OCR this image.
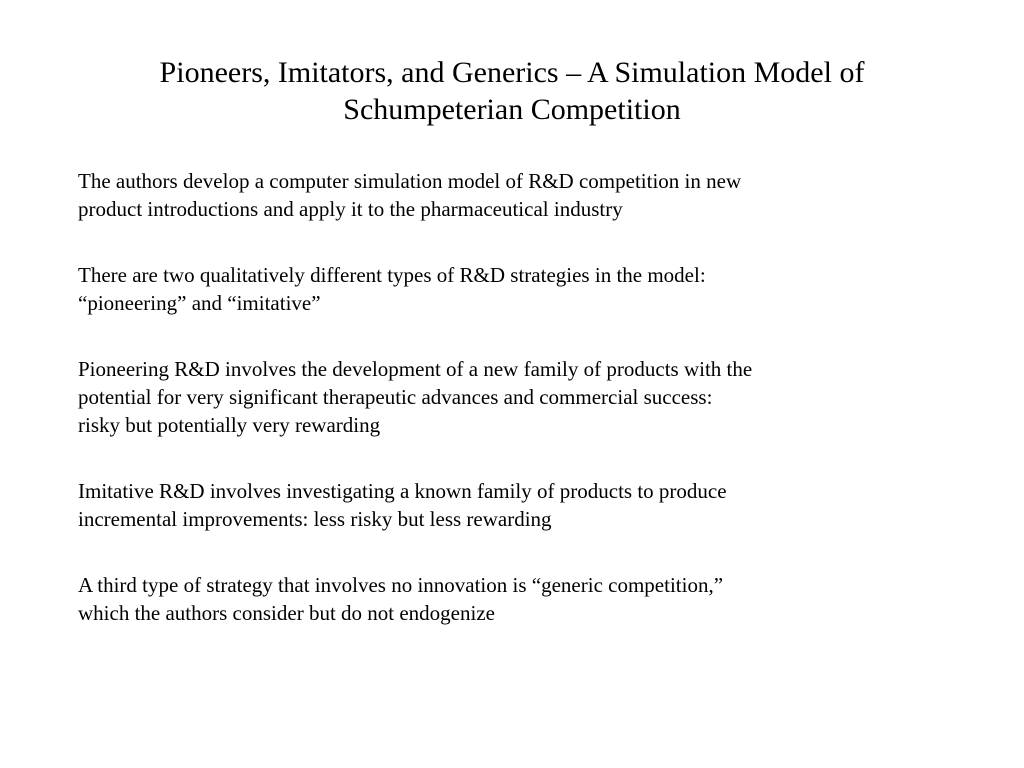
Pioneers, Imitators, and Generics – A Simulation Model of
Schumpeterian Competition
The authors develop a computer simulation model of R&D competition in new
product introductions and apply it to the pharmaceutical industry
There are two qualitatively different types of R&D strategies in the model:
“pioneering” and “imitative”
Pioneering R&D involves the development of a new family of products with the
potential for very significant therapeutic advances and commercial success:
risky but potentially very rewarding
Imitative R&D involves investigating a known family of products to produce
incremental improvements: less risky but less rewarding
A third type of strategy that involves no innovation is “generic competition,”
which the authors consider but do not endogenize
